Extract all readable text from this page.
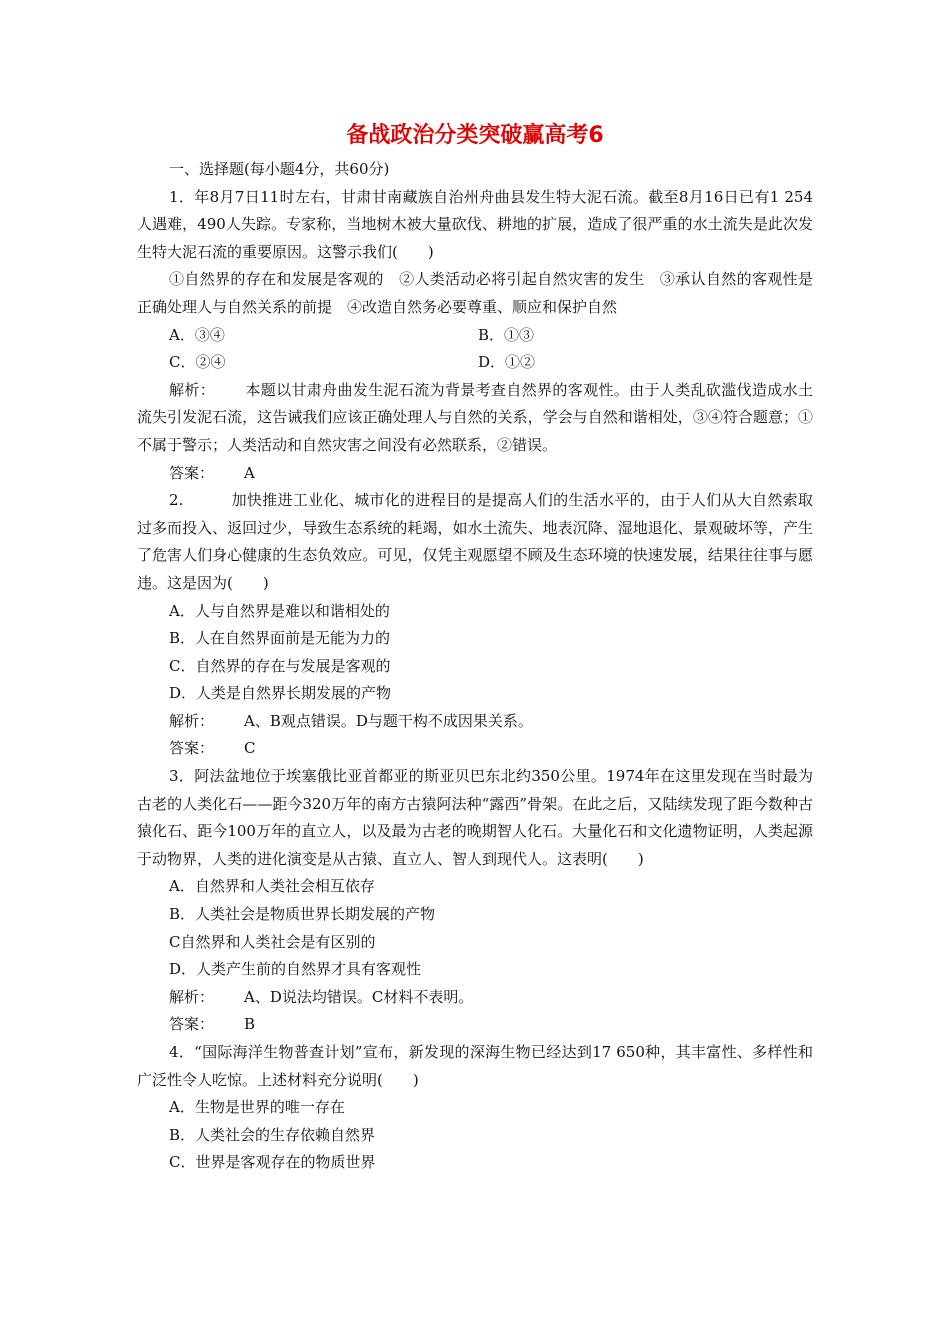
备战政治分类突破赢高考6

一、选择题(每小题4分，共60分)

1．年8月7日11时左右，甘肃甘南藏族自治州舟曲县发生特大泥石流。截至8月16日已有1 254人遇难，490人失踪。专家称，当地树木被大量砍伐、耕地的扩展，造成了很严重的水土流失是此次发生特大泥石流的重要原因。这警示我们(　　)

①自然界的存在和发展是客观的　②人类活动必将引起自然灾害的发生　③承认自然的客观性是正确处理人与自然关系的前提　④改造自然务必要尊重、顺应和保护自然

A．③④	B．①③
C．②④	D．①②

解析： 本题以甘肃舟曲发生泥石流为背景考查自然界的客观性。由于人类乱砍滥伐造成水土流失引发泥石流，这告诫我们应该正确处理人与自然的关系，学会与自然和谐相处，③④符合题意；①不属于警示；人类活动和自然灾害之间没有必然联系，②错误。

答案： A

2.	加快推进工业化、城市化的进程目的是提高人们的生活水平的，由于人们从大自然索取过多而投入、返回过少，导致生态系统的耗竭，如水土流失、地表沉降、湿地退化、景观破坏等，产生了危害人们身心健康的生态负效应。可见，仅凭主观愿望不顾及生态环境的快速发展，结果往往事与愿违。这是因为(　　)

A．人与自然界是难以和谐相处的

B．人在自然界面前是无能为力的

C．自然界的存在与发展是客观的

D．人类是自然界长期发展的产物

解析： A、B观点错误。D与题干构不成因果关系。

答案： C

3．阿法盆地位于埃塞俄比亚首都亚的斯亚贝巴东北约350公里。1974年在这里发现在当时最为古老的人类化石——距今320万年的南方古猿阿法种“露西”骨架。在此之后，又陆续发现了距今数种古猿化石、距今100万年的直立人，以及最为古老的晚期智人化石。大量化石和文化遗物证明，人类起源于动物界，人类的进化演变是从古猿、直立人、智人到现代人。这表明(　　)

A．自然界和人类社会相互依存

B．人类社会是物质世界长期发展的产物

C自然界和人类社会是有区别的

D．人类产生前的自然界才具有客观性

解析： A、D说法均错误。C材料不表明。

答案： B

4．“国际海洋生物普查计划”宣布，新发现的深海生物已经达到17 650种，其丰富性、多样性和广泛性令人吃惊。上述材料充分说明(　　)

A．生物是世界的唯一存在

B．人类社会的生存依赖自然界

C．世界是客观存在的物质世界
